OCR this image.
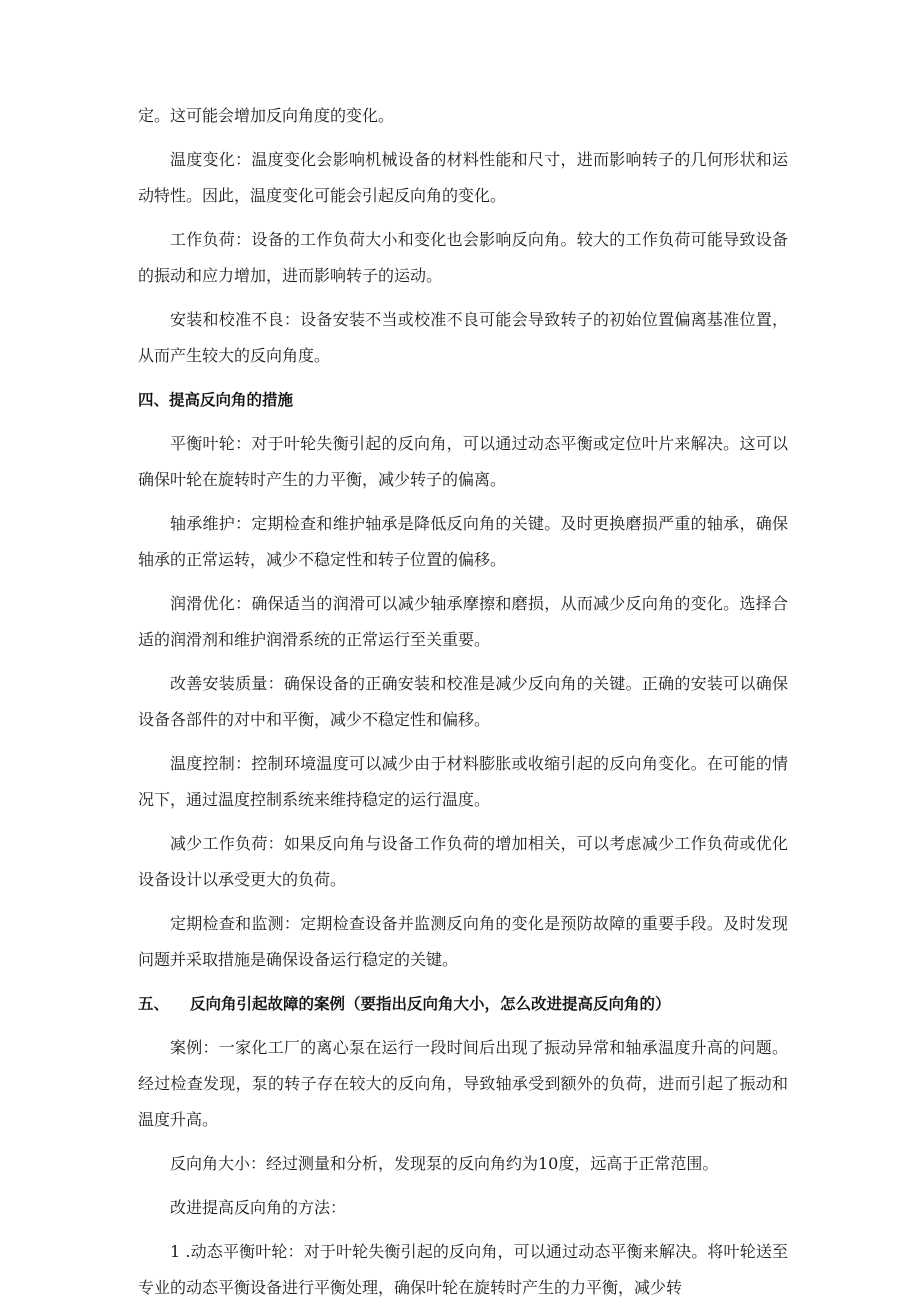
定。这可能会增加反向角度的变化。

温度变化：温度变化会影响机械设备的材料性能和尺寸，进而影响转子的几何形状和运动特性。因此，温度变化可能会引起反向角的变化。

工作负荷：设备的工作负荷大小和变化也会影响反向角。较大的工作负荷可能导致设备的振动和应力增加，进而影响转子的运动。

安装和校准不良：设备安装不当或校准不良可能会导致转子的初始位置偏离基准位置，从而产生较大的反向角度。

四、提高反向角的措施

平衡叶轮：对于叶轮失衡引起的反向角，可以通过动态平衡或定位叶片来解决。这可以确保叶轮在旋转时产生的力平衡，减少转子的偏离。

轴承维护：定期检查和维护轴承是降低反向角的关键。及时更换磨损严重的轴承，确保轴承的正常运转，减少不稳定性和转子位置的偏移。

润滑优化：确保适当的润滑可以减少轴承摩擦和磨损，从而减少反向角的变化。选择合适的润滑剂和维护润滑系统的正常运行至关重要。

改善安装质量：确保设备的正确安装和校准是减少反向角的关键。正确的安装可以确保设备各部件的对中和平衡，减少不稳定性和偏移。

温度控制：控制环境温度可以减少由于材料膨胀或收缩引起的反向角变化。在可能的情况下，通过温度控制系统来维持稳定的运行温度。

减少工作负荷：如果反向角与设备工作负荷的增加相关，可以考虑减少工作负荷或优化设备设计以承受更大的负荷。

定期检查和监测：定期检查设备并监测反向角的变化是预防故障的重要手段。及时发现问题并采取措施是确保设备运行稳定的关键。

五、 反向角引起故障的案例（要指出反向角大小，怎么改进提高反向角的）

案例：一家化工厂的离心泵在运行一段时间后出现了振动异常和轴承温度升高的问题。经过检查发现，泵的转子存在较大的反向角，导致轴承受到额外的负荷，进而引起了振动和温度升高。

反向角大小：经过测量和分析，发现泵的反向角约为10度，远高于正常范围。

改进提高反向角的方法：

1 .动态平衡叶轮：对于叶轮失衡引起的反向角，可以通过动态平衡来解决。将叶轮送至专业的动态平衡设备进行平衡处理，确保叶轮在旋转时产生的力平衡，减少转
